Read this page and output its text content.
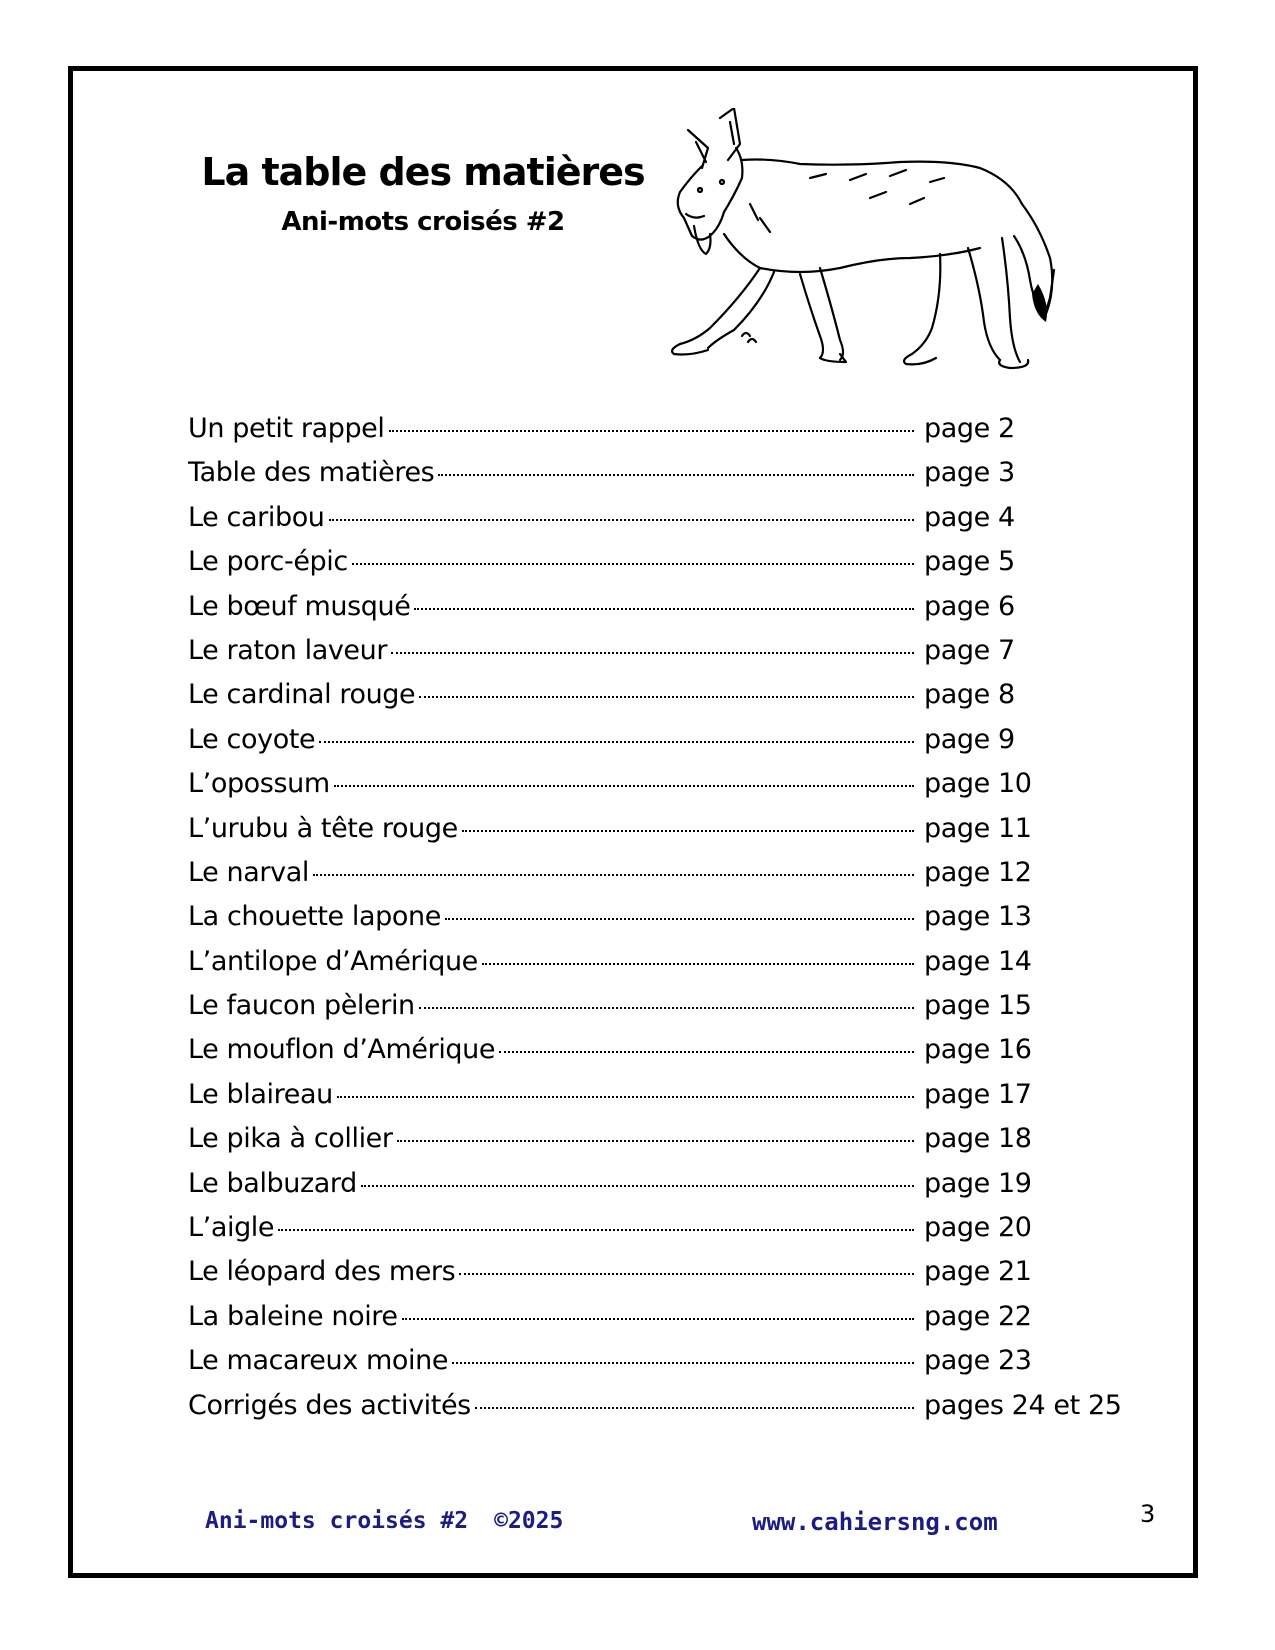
La table des matières
Ani-mots croisés #2
Un petit rappel	page 2
Table des matières	page 3
Le caribou	page 4
Le porc-épic	page 5
Le bœuf musqué	page 6
Le raton laveur	page 7
Le cardinal rouge	page 8
Le coyote	page 9
L’opossum	page 10
L’urubu à tête rouge	page 11
Le narval	page 12
La chouette lapone	page 13
L’antilope d’Amérique	page 14
Le faucon pèlerin	page 15
Le mouflon d’Amérique	page 16
Le blaireau	page 17
Le pika à collier	page 18
Le balbuzard	page 19
L’aigle	page 20
Le léopard des mers	page 21
La baleine noire	page 22
Le macareux moine	page 23
Corrigés des activités	pages 24 et 25
Ani-mots croisés #2 ©2025	www.cahiersng.com	3
